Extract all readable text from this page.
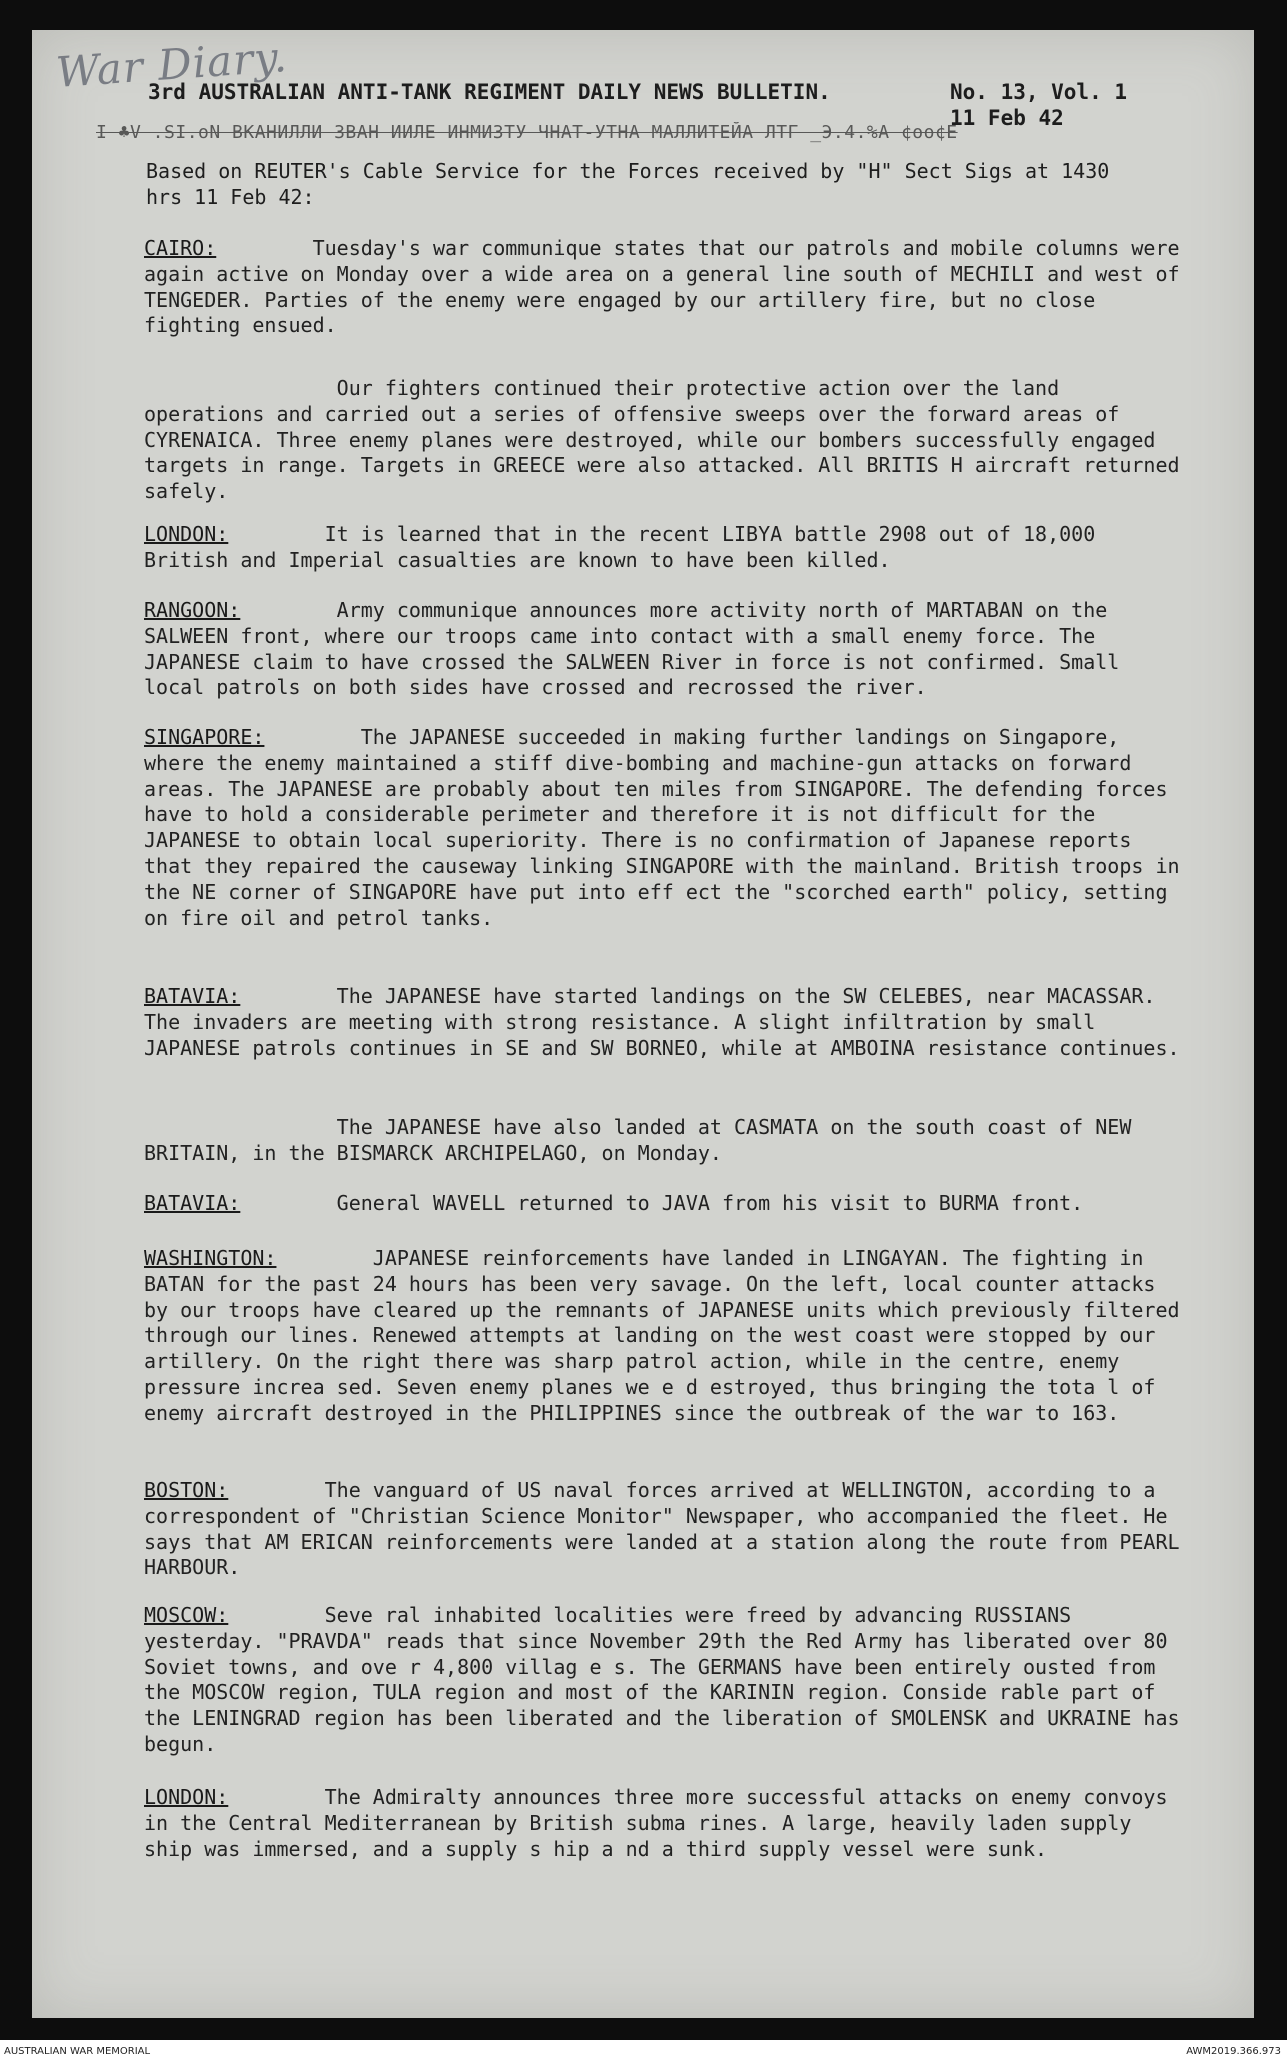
War Diary.
3rd AUSTRALIAN ANTI-TANK REGIMENT DAILY NEWS BULLETIN.	No. 13, Vol. 1
11 Feb 42
I ♣V .SI.oN ВКАНИЛЛИ ЗВАН ИИЛЕ ИНМИЗТУ ЧНАТ-УТНА МАЛЛИТЕЙА ЛТГ _Э.4.%А ¢оо¢Е
Based on REUTER's Cable Service for the Forces received by "H" Sect Sigs at 1430 hrs 11 Feb 42:
CAIRO:	Tuesday's war communique states that our patrols and mobile columns were again active on Monday over a wide area on a general line south of MECHILI and west of TENGEDER. Parties of the enemy were engaged by our artillery fire, but no close fighting ensued.
Our fighters continued their protective action over the land operations and carried out a series of offensive sweeps over the forward areas of CYRENAICA. Three enemy planes were destroyed, while our bombers successfully engaged targets in range. Targets in GREECE were also attacked. All BRITIS H aircraft returned safely.
LONDON:	It is learned that in the recent LIBYA battle 2908 out of 18,000 British and Imperial casualties are known to have been killed.
RANGOON:	Army communique announces more activity north of MARTABAN on the SALWEEN front, where our troops came into contact with a small enemy force. The JAPANESE claim to have crossed the SALWEEN River in force is not confirmed. Small local patrols on both sides have crossed and recrossed the river.
SINGAPORE:	The JAPANESE succeeded in making further landings on Singapore, where the enemy maintained a stiff dive-bombing and machine-gun attacks on forward areas. The JAPANESE are probably about ten miles from SINGAPORE. The defending forces have to hold a considerable perimeter and therefore it is not difficult for the JAPANESE to obtain local superiority. There is no confirmation of Japanese reports that they repaired the causeway linking SINGAPORE with the mainland. British troops in the NE corner of SINGAPORE have put into eff ect the "scorched earth" policy, setting on fire oil and petrol tanks.
BATAVIA:	The JAPANESE have started landings on the SW CELEBES, near MACASSAR. The invaders are meeting with strong resistance. A slight infiltration by small JAPANESE patrols continues in SE and SW BORNEO, while at AMBOINA resistance continues.
The JAPANESE have also landed at CASMATA on the south coast of NEW BRITAIN, in the BISMARCK ARCHIPELAGO, on Monday.
BATAVIA:	General WAVELL returned to JAVA from his visit to BURMA front.
WASHINGTON:	JAPANESE reinforcements have landed in LINGAYAN. The fighting in BATAN for the past 24 hours has been very savage. On the left, local counter attacks by our troops have cleared up the remnants of JAPANESE units which previously filtered through our lines. Renewed attempts at landing on the west coast were stopped by our artillery. On the right there was sharp patrol action, while in the centre, enemy pressure increa sed. Seven enemy planes we e d estroyed, thus bringing the tota l of enemy aircraft destroyed in the PHILIPPINES since the outbreak of the war to 163.
BOSTON:	The vanguard of US naval forces arrived at WELLINGTON, according to a correspondent of "Christian Science Monitor" Newspaper, who accompanied the fleet. He says that AM ERICAN reinforcements were landed at a station along the route from PEARL HARBOUR.
MOSCOW:	Seve ral inhabited localities were freed by advancing RUSSIANS yesterday. "PRAVDA" reads that since November 29th the Red Army has liberated over 80 Soviet towns, and ove r 4,800 villag e s. The GERMANS have been entirely ousted from the MOSCOW region, TULA region and most of the KARININ region. Conside rable part of the LENINGRAD region has been liberated and the liberation of SMOLENSK and UKRAINE has begun.
LONDON:	The Admiralty announces three more successful attacks on enemy convoys in the Central Mediterranean by British subma rines. A large, heavily laden supply ship was immersed, and a supply s hip a nd a third supply vessel were sunk.
AUSTRALIAN WAR MEMORIAL	AWM2019.366.973
